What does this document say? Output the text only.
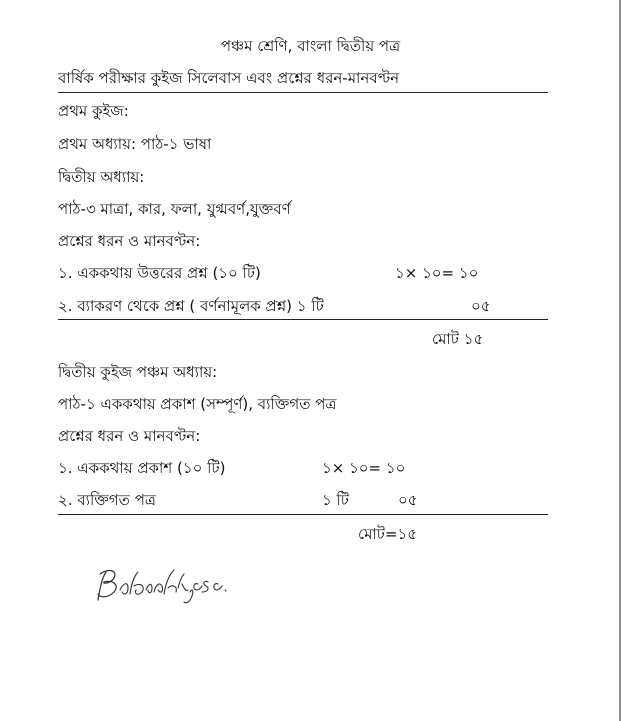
পঞ্চম শ্রেণি, বাংলা দ্বিতীয় পত্র
বার্ষিক পরীক্ষার কুইজ সিলেবাস এবং প্রশ্নের ধরন-মানবণ্টন
প্রথম কুইজ:
প্রথম অধ্যায়: পাঠ-১ ভাষা
দ্বিতীয় অধ্যায়:
পাঠ-৩ মাত্রা, কার, ফলা, যুগ্মবর্ণ,যুক্তবর্ণ
প্রশ্নের ধরন ও মানবণ্টন:
১. এককথায় উত্তরের প্রশ্ন (১০ টি)	১× ১০= ১০
২. ব্যাকরণ থেকে প্রশ্ন ( বর্ণনামূলক প্রশ্ন) ১ টি	০৫
মোট ১৫
দ্বিতীয় কুইজ পঞ্চম অধ্যায়:
পাঠ-১ এককথায় প্রকাশ (সম্পূর্ণ), ব্যক্তিগত পত্র
প্রশ্নের ধরন ও মানবণ্টন:
১. এককথায় প্রকাশ (১০ টি)	১× ১০= ১০
২. ব্যক্তিগত পত্র	১ টি	০৫
মোট=১৫
